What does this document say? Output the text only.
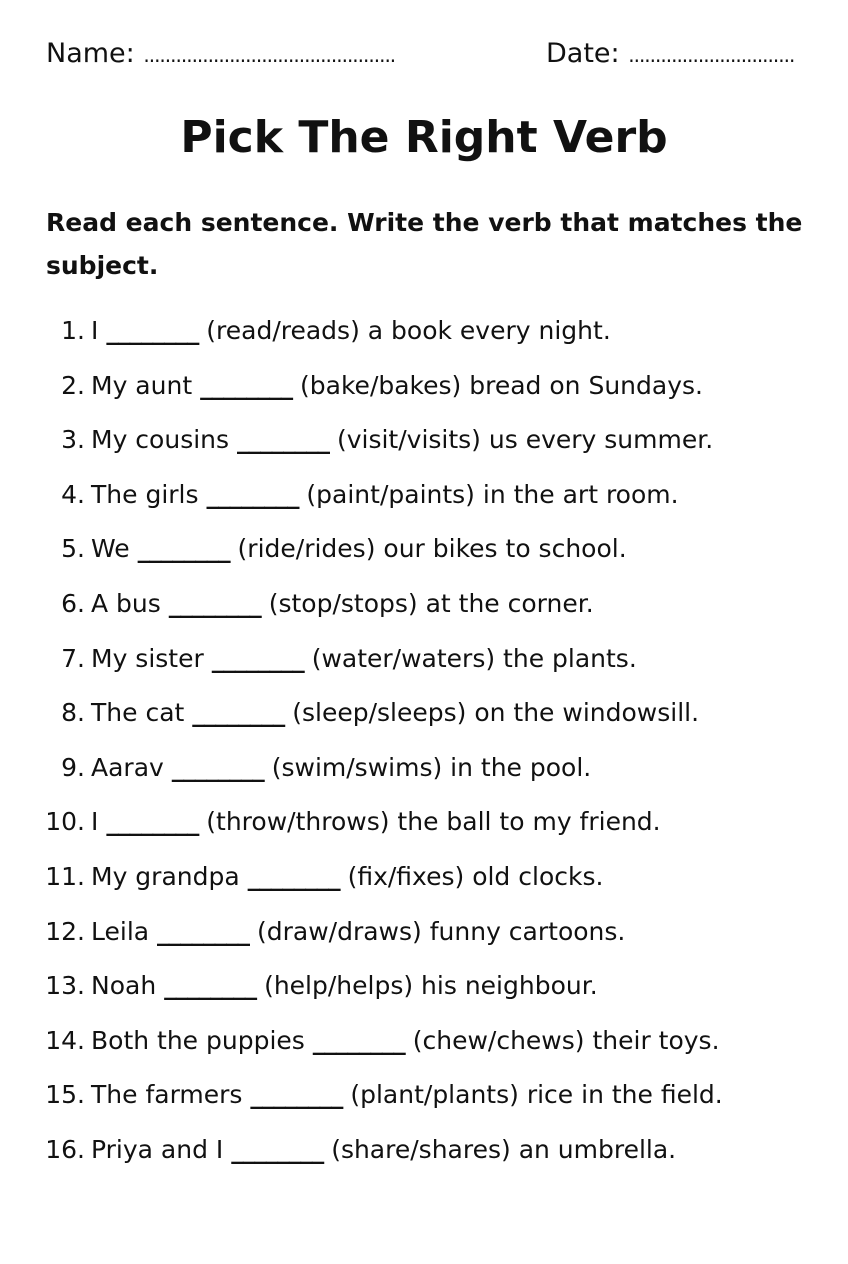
Name: ...............................................	Date: ...............................
Pick The Right Verb

Read each sentence. Write the verb that matches the subject.

1. I ________ (read/reads) a book every night.
2. My aunt ________ (bake/bakes) bread on Sundays.
3. My cousins ________ (visit/visits) us every summer.
4. The girls ________ (paint/paints) in the art room.
5. We ________ (ride/rides) our bikes to school.
6. A bus ________ (stop/stops) at the corner.
7. My sister ________ (water/waters) the plants.
8. The cat ________ (sleep/sleeps) on the windowsill.
9. Aarav ________ (swim/swims) in the pool.
10. I ________ (throw/throws) the ball to my friend.
11. My grandpa ________ (fix/fixes) old clocks.
12. Leila ________ (draw/draws) funny cartoons.
13. Noah ________ (help/helps) his neighbour.
14. Both the puppies ________ (chew/chews) their toys.
15. The farmers ________ (plant/plants) rice in the field.
16. Priya and I ________ (share/shares) an umbrella.
